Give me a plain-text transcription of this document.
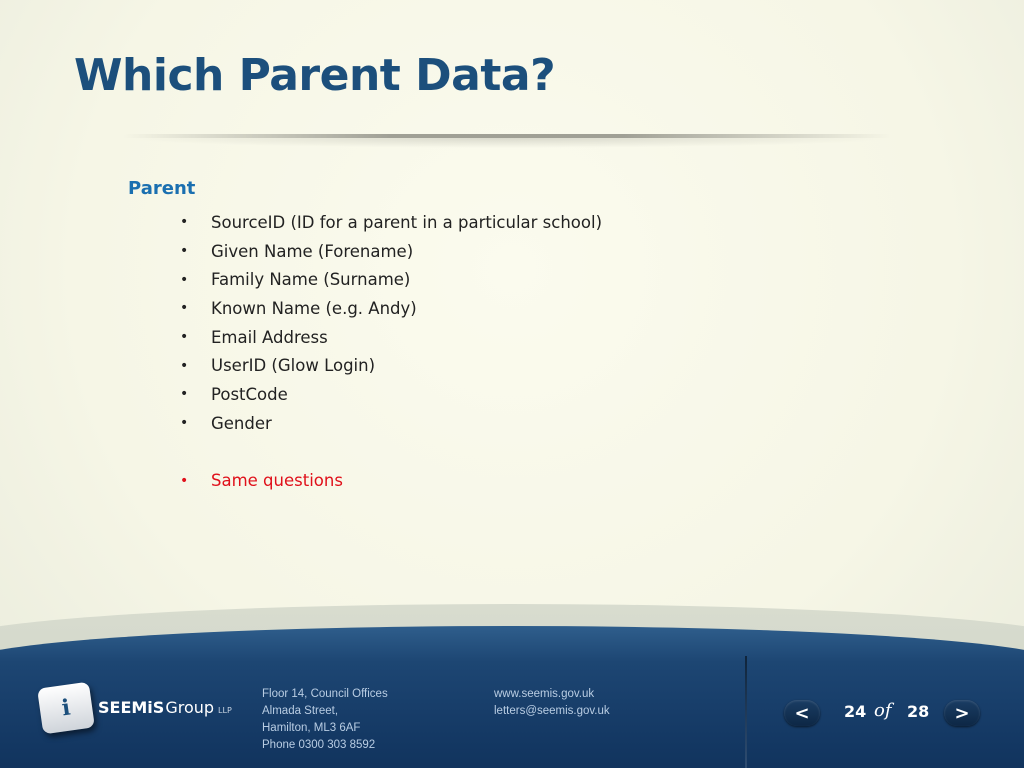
Which Parent Data?
Parent
•	SourceID (ID for a parent in a particular school)
•	Given Name (Forename)
•	Family Name (Surname)
•	Known Name (e.g. Andy)
•	Email Address
•	UserID (Glow Login)
•	PostCode
•	Gender
•	Same questions
i SEEMiS Group LLP
Floor 14, Council Offices
Almada Street,
Hamilton, ML3 6AF
Phone 0300 303 8592
www.seemis.gov.uk
letters@seemis.gov.uk	<	24 of 28	>
